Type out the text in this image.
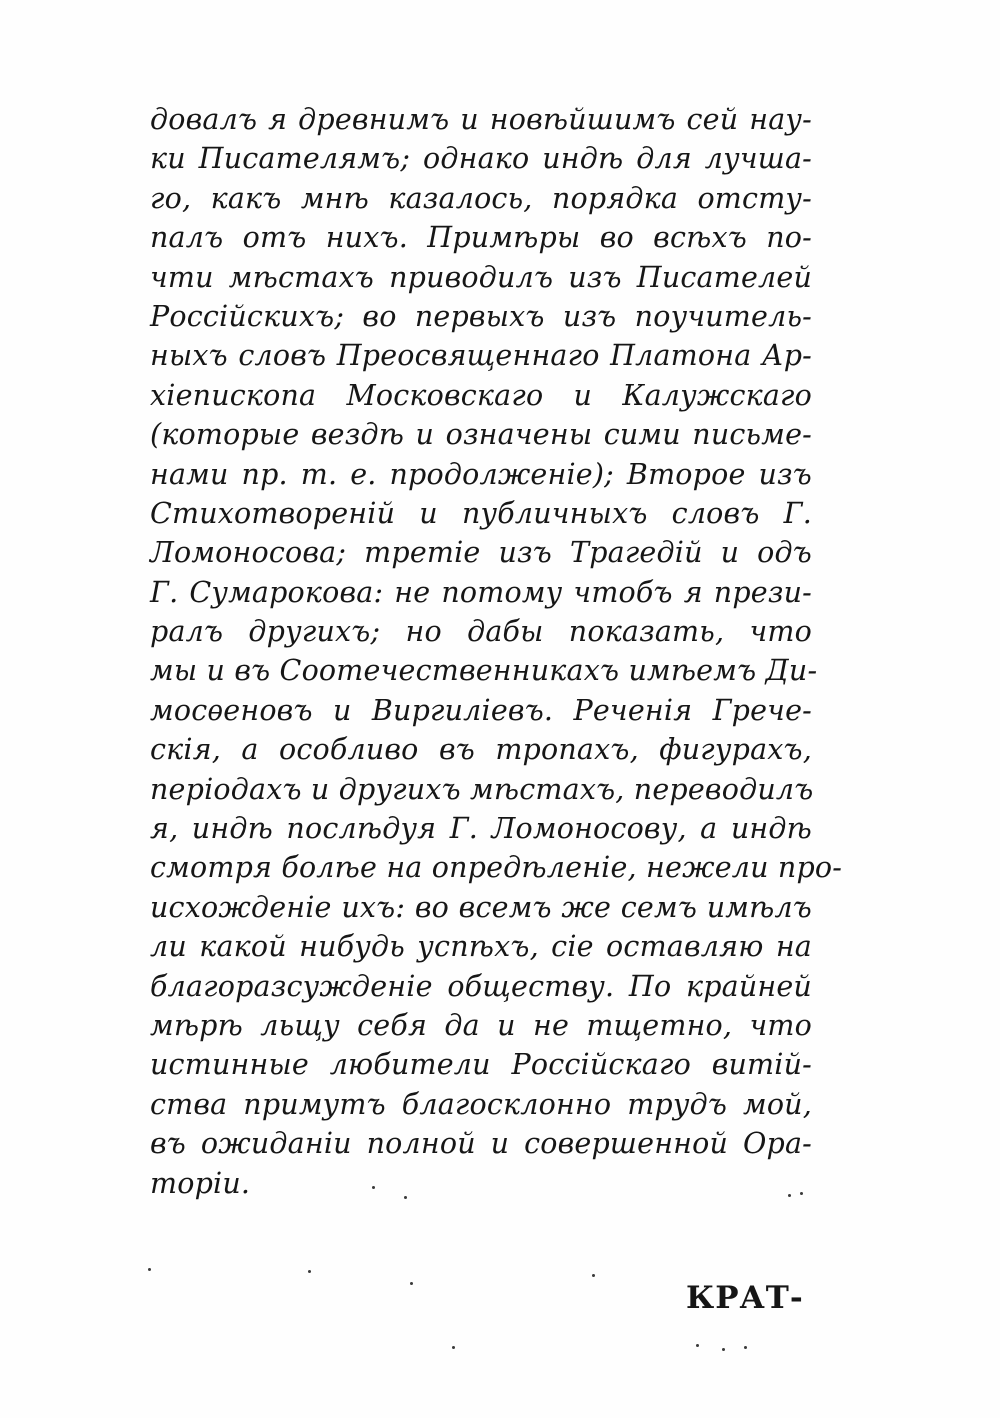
довалъ я древнимъ и новѣйшимъ сей нау-
ки Писателямъ; однако индѣ для лучша-
го, какъ мнѣ казалось, порядка отсту-
палъ отъ нихъ. Примѣры во всѣхъ по-
чти мѣстахъ приводилъ изъ Писателей
Россійскихъ; во первыхъ изъ поучитель-
ныхъ словъ Преосвященнаго Платона Ар-
хіепископа Московскаго и Калужскаго
(которые вездѣ и означены сими письме-
нами пр. т. е. продолженіе); Второе изъ
Стихотвореній и публичныхъ словъ Г.
Ломоносова; третіе изъ Трагедій и одъ
Г. Сумарокова: не потому чтобъ я прези-
ралъ другихъ; но дабы показать, что
мы и въ Соотечественникахъ имѣемъ Ди-
мосѳеновъ и Виргиліевъ. Реченія Грече-
скія, а особливо въ тропахъ, фигурахъ,
періодахъ и другихъ мѣстахъ, переводилъ
я, индѣ послѣдуя Г. Ломоносову, а индѣ
смотря болѣе на опредѣленіе, нежели про-
исхожденіе ихъ: во всемъ же семъ имѣлъ
ли какой нибудь успѣхъ, сіе оставляю на
благоразсужденіе обществу. По крайней
мѣрѣ льщу себя да и не тщетно, что
истинные любители Россійскаго витій-
ства примутъ благосклонно трудъ мой,
въ ожиданіи полной и совершенной Ора-
торіи.
КРАТ-
